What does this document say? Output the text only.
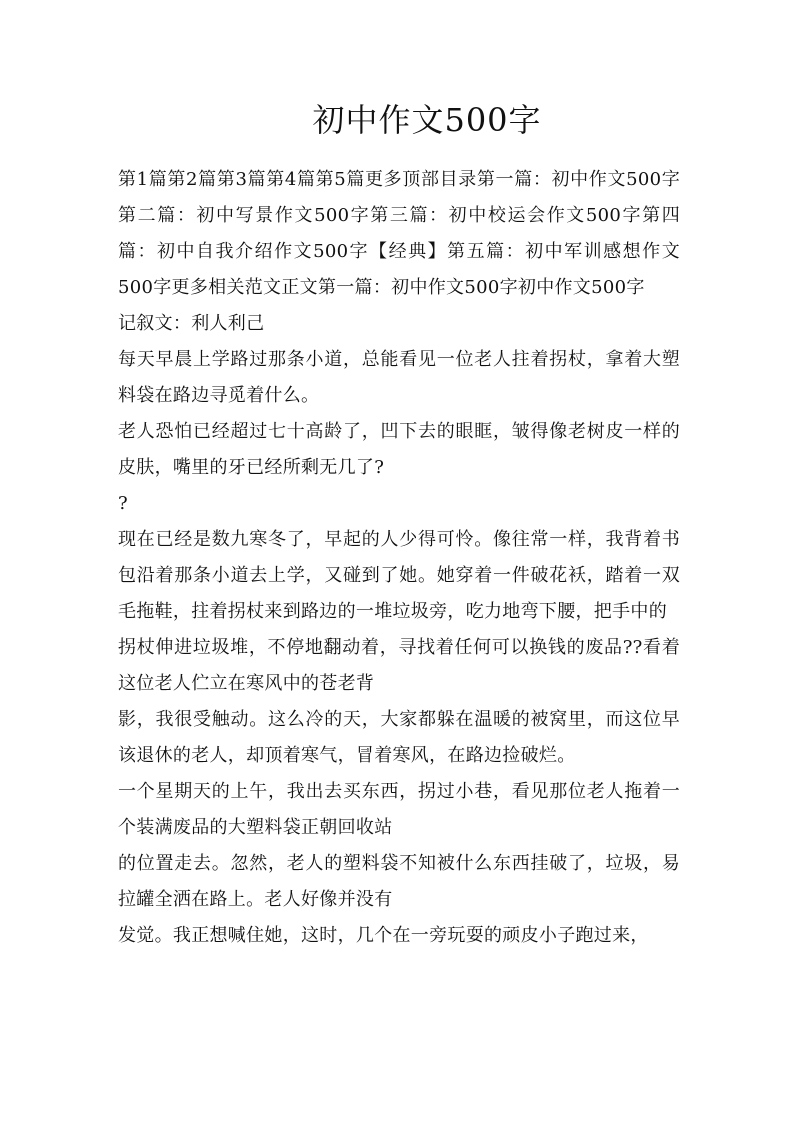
初中作文500字

第1篇第2篇第3篇第4篇第5篇更多顶部目录第一篇：初中作文500字第二篇：初中写景作文500字第三篇：初中校运会作文500字第四篇：初中自我介绍作文500字【经典】第五篇：初中军训感想作文500字更多相关范文正文第一篇：初中作文500字初中作文500字

记叙文：利人利己

每天早晨上学路过那条小道，总能看见一位老人拄着拐杖，拿着大塑料袋在路边寻觅着什么。

老人恐怕已经超过七十高龄了，凹下去的眼眶，皱得像老树皮一样的皮肤，嘴里的牙已经所剩无几了?

?

现在已经是数九寒冬了，早起的人少得可怜。像往常一样，我背着书包沿着那条小道去上学，又碰到了她。她穿着一件破花袄，踏着一双毛拖鞋，拄着拐杖来到路边的一堆垃圾旁，吃力地弯下腰，把手中的

拐杖伸进垃圾堆，不停地翻动着，寻找着任何可以换钱的废品??看着这位老人伫立在寒风中的苍老背

影，我很受触动。这么冷的天，大家都躲在温暖的被窝里，而这位早该退休的老人，却顶着寒气，冒着寒风，在路边捡破烂。

一个星期天的上午，我出去买东西，拐过小巷，看见那位老人拖着一个装满废品的大塑料袋正朝回收站

的位置走去。忽然，老人的塑料袋不知被什么东西挂破了，垃圾，易拉罐全洒在路上。老人好像并没有

发觉。我正想喊住她，这时，几个在一旁玩耍的顽皮小子跑过来，
